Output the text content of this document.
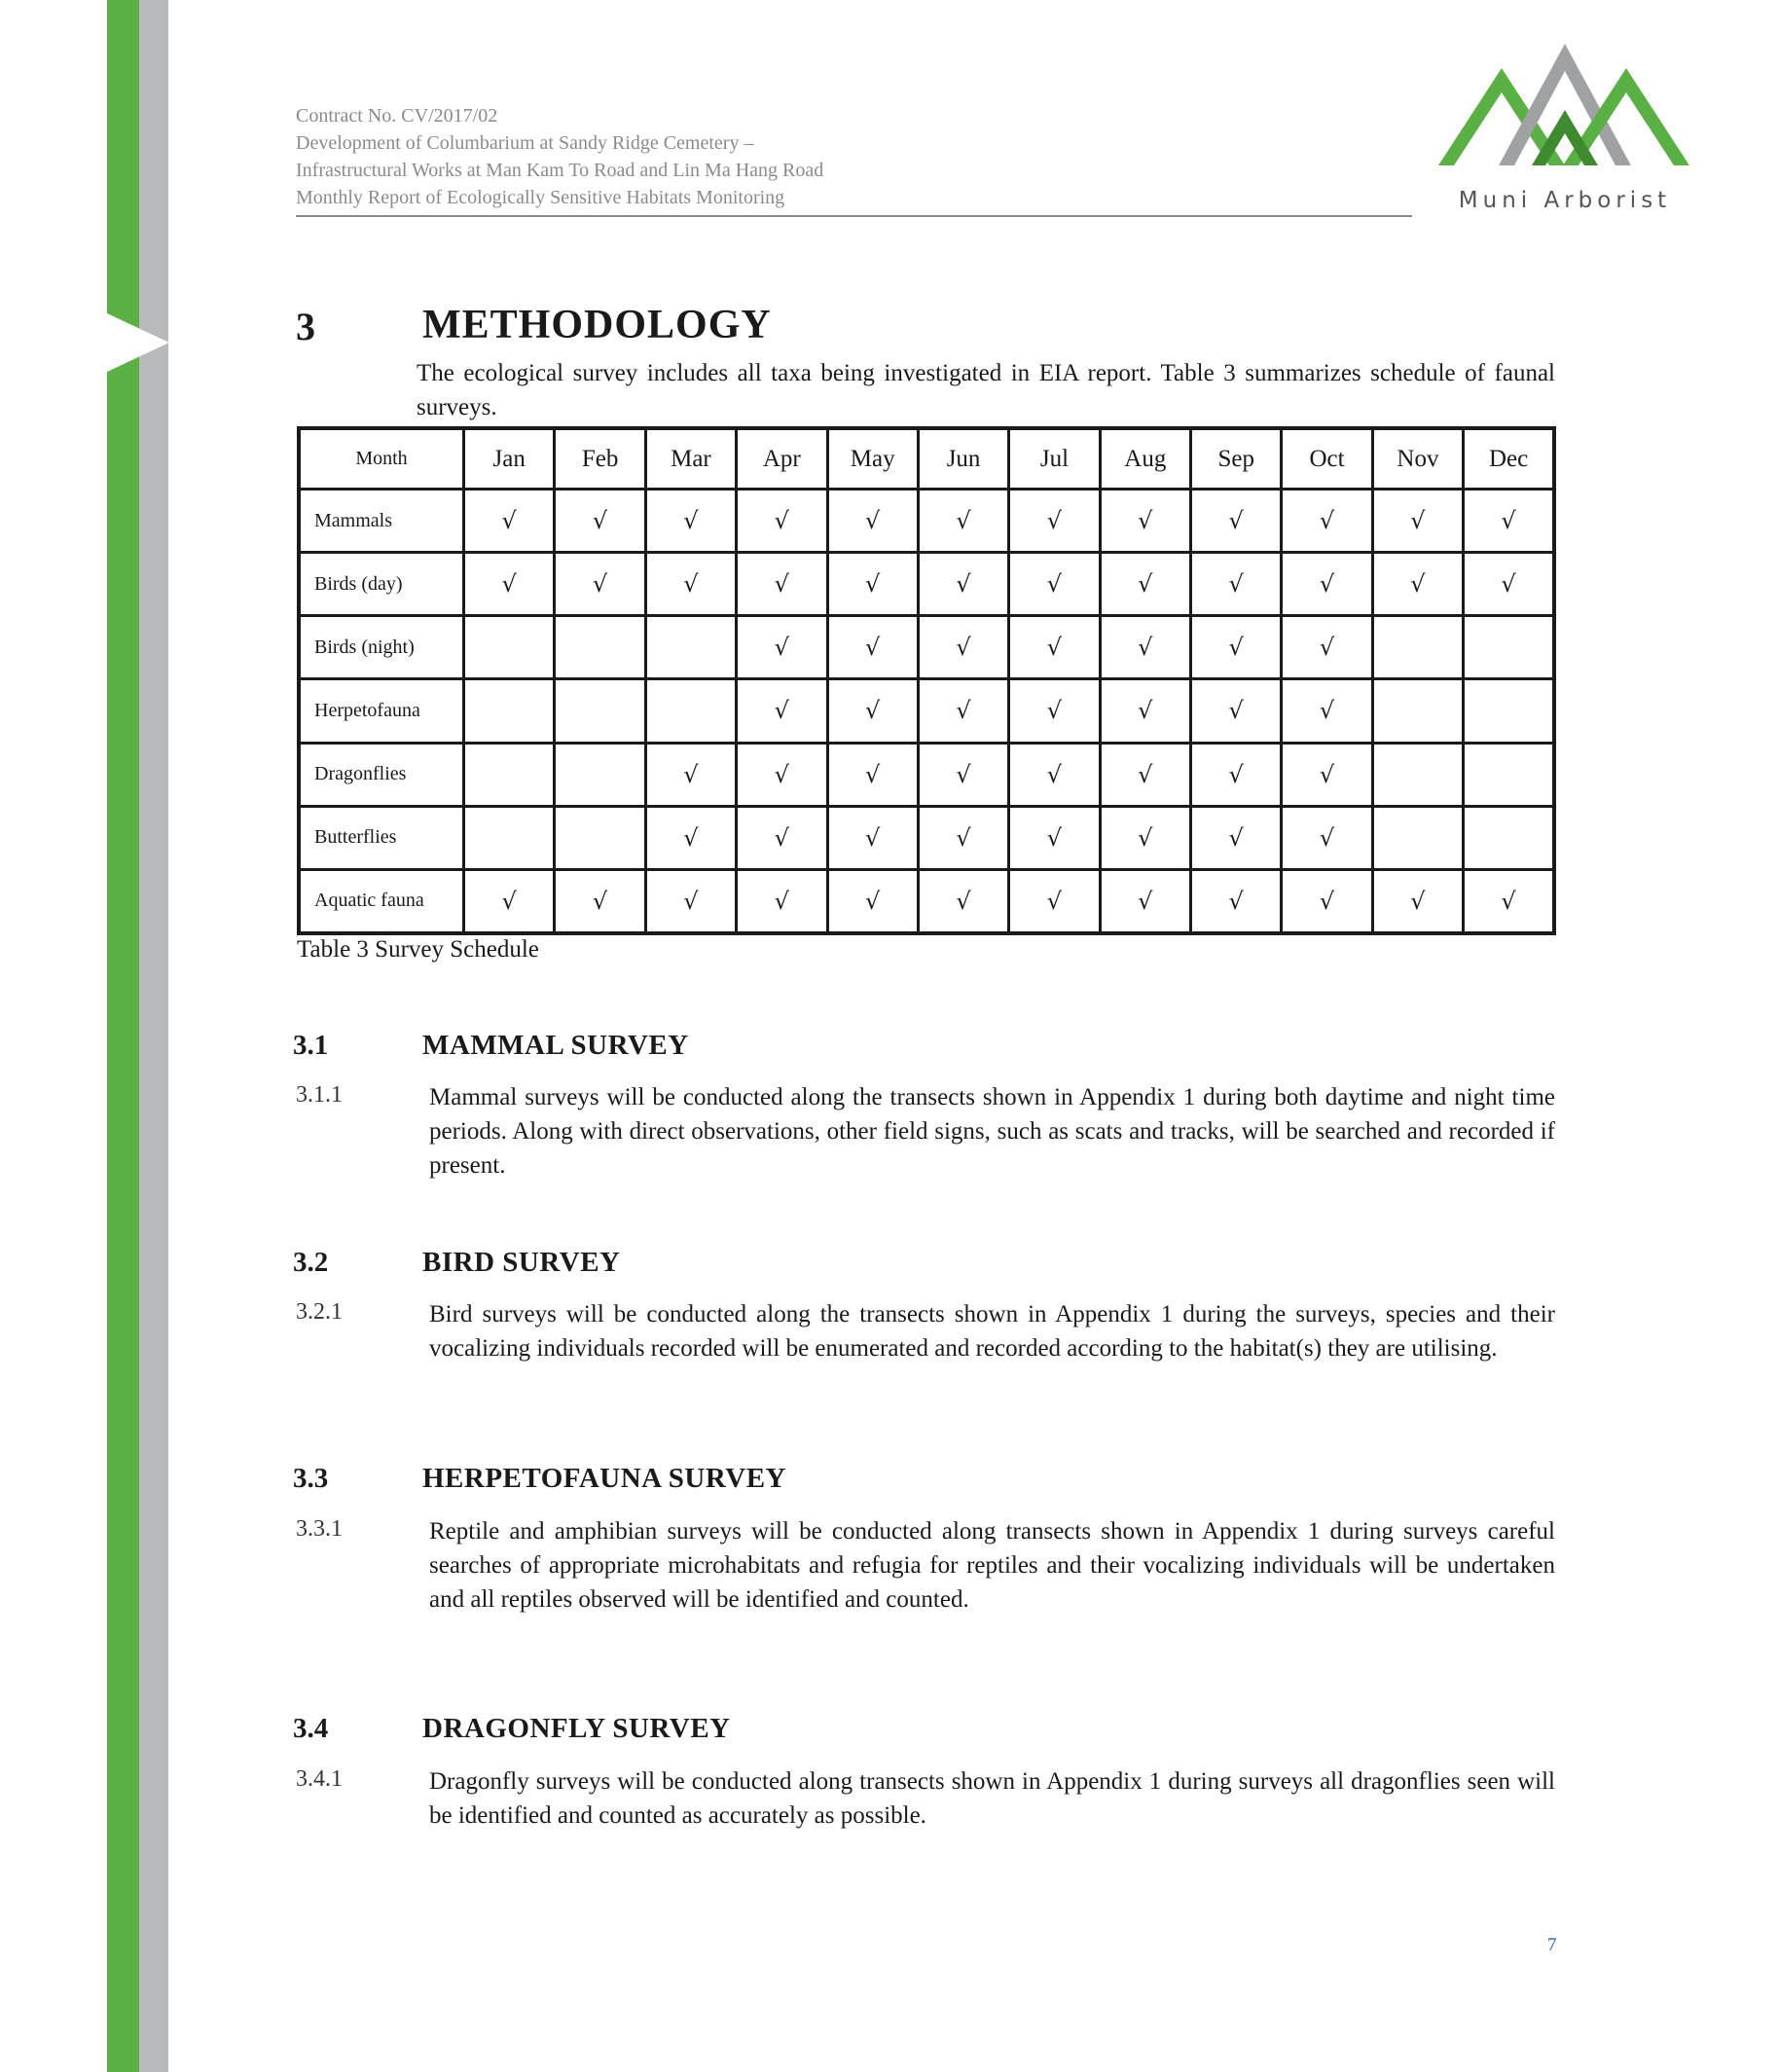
Contract No. CV/2017/02
Development of Columbarium at Sandy Ridge Cemetery –
Infrastructural Works at Man Kam To Road and Lin Ma Hang Road
Monthly Report of Ecologically Sensitive Habitats Monitoring	Muni Arborist
3	METHODOLOGY
The ecological survey includes all taxa being investigated in EIA report. Table 3 summarizes schedule of faunal surveys.
Month	Jan	Feb	Mar	Apr	May	Jun	Jul	Aug	Sep	Oct	Nov	Dec
Mammals	√	√	√	√	√	√	√	√	√	√	√	√
Birds (day)	√	√	√	√	√	√	√	√	√	√	√	√
Birds (night)				√	√	√	√	√	√	√		
Herpetofauna				√	√	√	√	√	√	√		
Dragonflies			√	√	√	√	√	√	√	√		
Butterflies			√	√	√	√	√	√	√	√		
Aquatic fauna	√	√	√	√	√	√	√	√	√	√	√	√
Table 3 Survey Schedule
3.1	MAMMAL SURVEY
3.1.1	Mammal surveys will be conducted along the transects shown in Appendix 1 during both daytime and night time periods. Along with direct observations, other field signs, such as scats and tracks, will be searched and recorded if present.
3.2	BIRD SURVEY
3.2.1	Bird surveys will be conducted along the transects shown in Appendix 1 during the surveys, species and their vocalizing individuals recorded will be enumerated and recorded according to the habitat(s) they are utilising.
3.3	HERPETOFAUNA SURVEY
3.3.1	Reptile and amphibian surveys will be conducted along transects shown in Appendix 1 during surveys careful searches of appropriate microhabitats and refugia for reptiles and their vocalizing individuals will be undertaken and all reptiles observed will be identified and counted.
3.4	DRAGONFLY SURVEY
3.4.1	Dragonfly surveys will be conducted along transects shown in Appendix 1 during surveys all dragonflies seen will be identified and counted as accurately as possible.
7
